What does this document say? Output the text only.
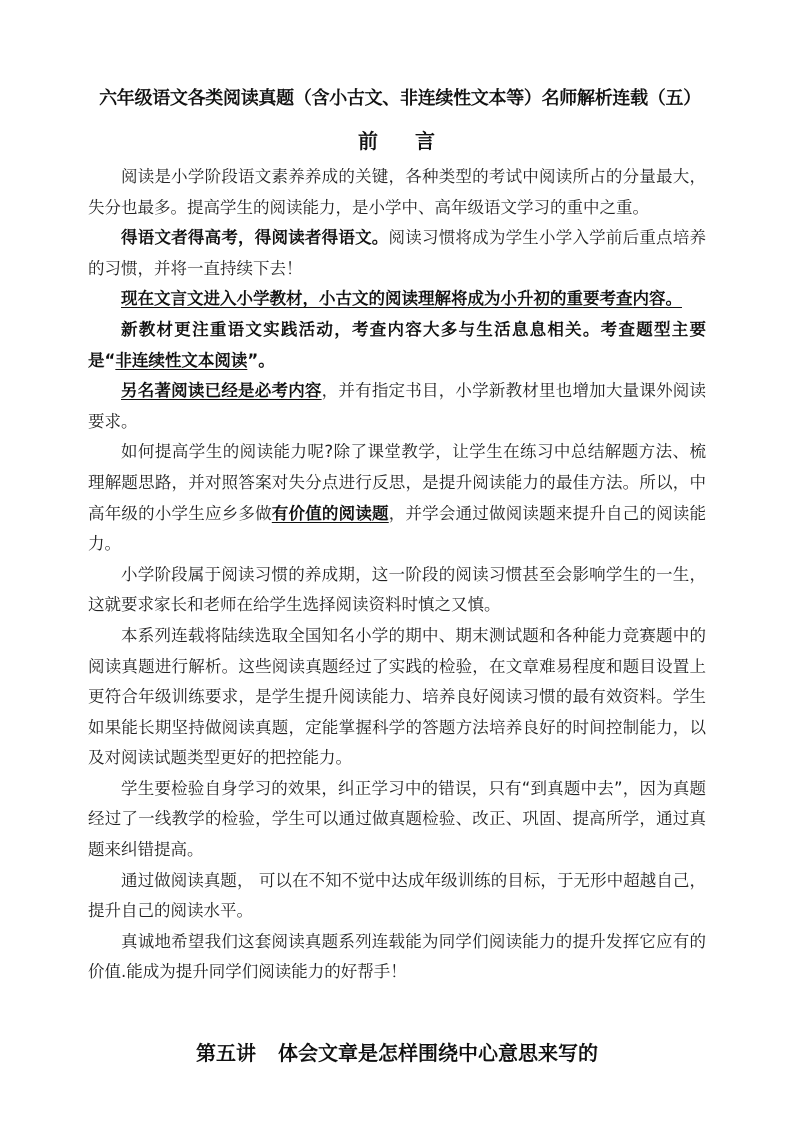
六年级语文各类阅读真题（含小古文、非连续性文本等）名师解析连载（五）
前 言

阅读是小学阶段语文素养养成的关键，各种类型的考试中阅读所占的分量最大，失分也最多。提高学生的阅读能力，是小学中、高年级语文学习的重中之重。

得语文者得高考，得阅读者得语文。阅读习惯将成为学生小学入学前后重点培养的习惯，并将一直持续下去！

现在文言文进入小学教材，小古文的阅读理解将成为小升初的重要考查内容。

新教材更注重语文实践活动，考查内容大多与生活息息相关。考查题型主要是“非连续性文本阅读”。

另名著阅读已经是必考内容，并有指定书目，小学新教材里也增加大量课外阅读要求。

如何提高学生的阅读能力呢?除了课堂教学，让学生在练习中总结解题方法、梳理解题思路，并对照答案对失分点进行反思，是提升阅读能力的最佳方法。所以，中高年级的小学生应乡多做有价值的阅读题，并学会通过做阅读题来提升自己的阅读能力。

小学阶段属于阅读习惯的养成期，这一阶段的阅读习惯甚至会影响学生的一生，这就要求家长和老师在给学生选择阅读资料时慎之又慎。

本系列连载将陆续选取全国知名小学的期中、期末测试题和各种能力竞赛题中的阅读真题进行解析。这些阅读真题经过了实践的检验，在文章难易程度和题目设置上更符合年级训练要求，是学生提升阅读能力、培养良好阅读习惯的最有效资料。学生如果能长期坚持做阅读真题，定能掌握科学的答题方法培养良好的时间控制能力，以及对阅读试题类型更好的把控能力。

学生要检验自身学习的效果，纠正学习中的错误，只有“到真题中去”，因为真题经过了一线教学的检验，学生可以通过做真题检验、改正、巩固、提高所学，通过真题来纠错提高。

通过做阅读真题， 可以在不知不觉中达成年级训练的目标，于无形中超越自己，提升自己的阅读水平。

真诚地希望我们这套阅读真题系列连载能为同学们阅读能力的提升发挥它应有的价值.能成为提升同学们阅读能力的好帮手！

第五讲 体会文章是怎样围绕中心意思来写的
